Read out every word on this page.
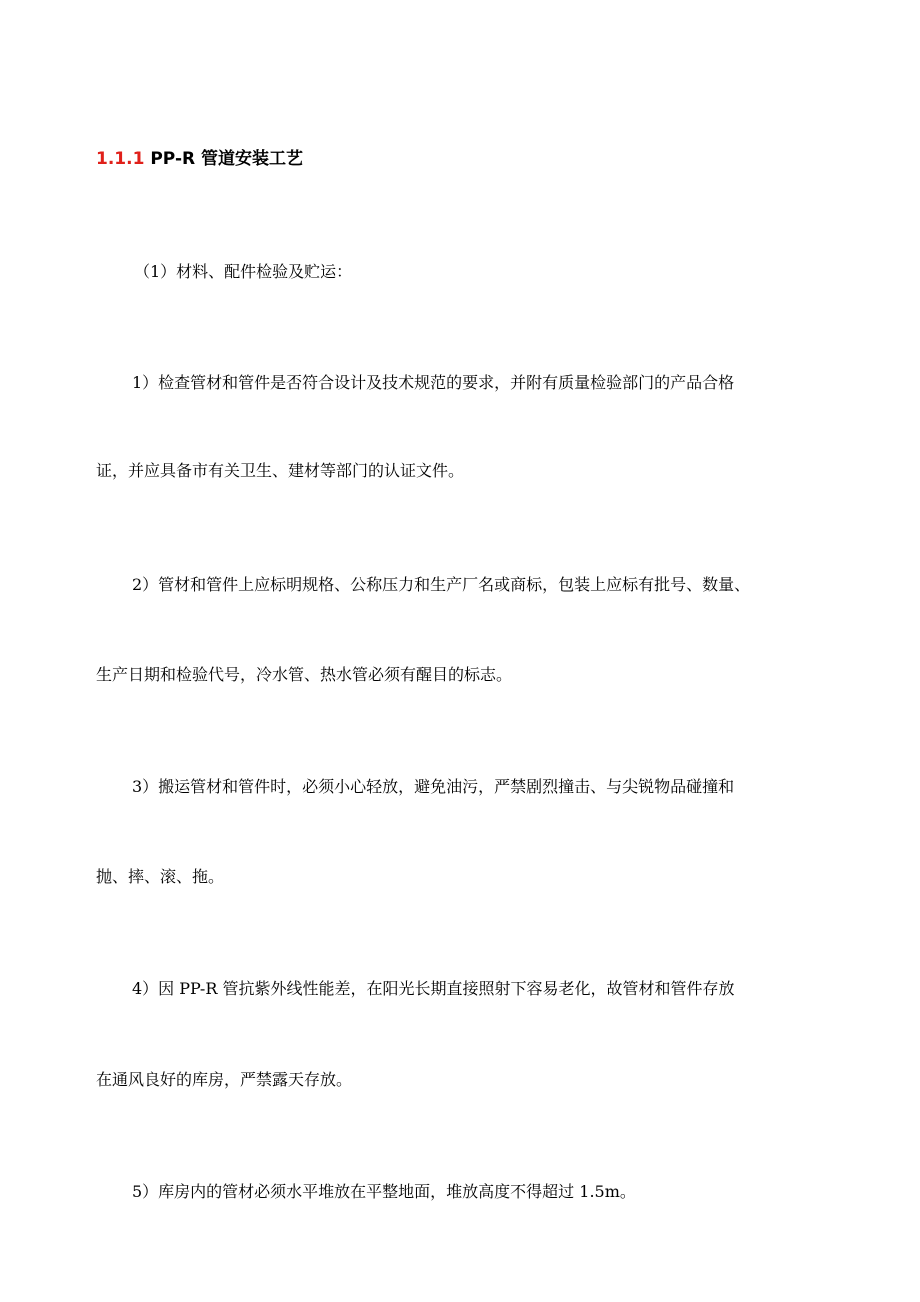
1.1.1 PP-R 管道安装工艺
（1）材料、配件检验及贮运：
1）检查管材和管件是否符合设计及技术规范的要求，并附有质量检验部门的产品合格
证，并应具备市有关卫生、建材等部门的认证文件。
2）管材和管件上应标明规格、公称压力和生产厂名或商标，包装上应标有批号、数量、
生产日期和检验代号，冷水管、热水管必须有醒目的标志。
3）搬运管材和管件时，必须小心轻放，避免油污，严禁剧烈撞击、与尖锐物品碰撞和
抛、摔、滚、拖。
4）因 PP-R 管抗紫外线性能差，在阳光长期直接照射下容易老化，故管材和管件存放
在通风良好的库房，严禁露天存放。
5）库房内的管材必须水平堆放在平整地面，堆放高度不得超过 1.5m。
